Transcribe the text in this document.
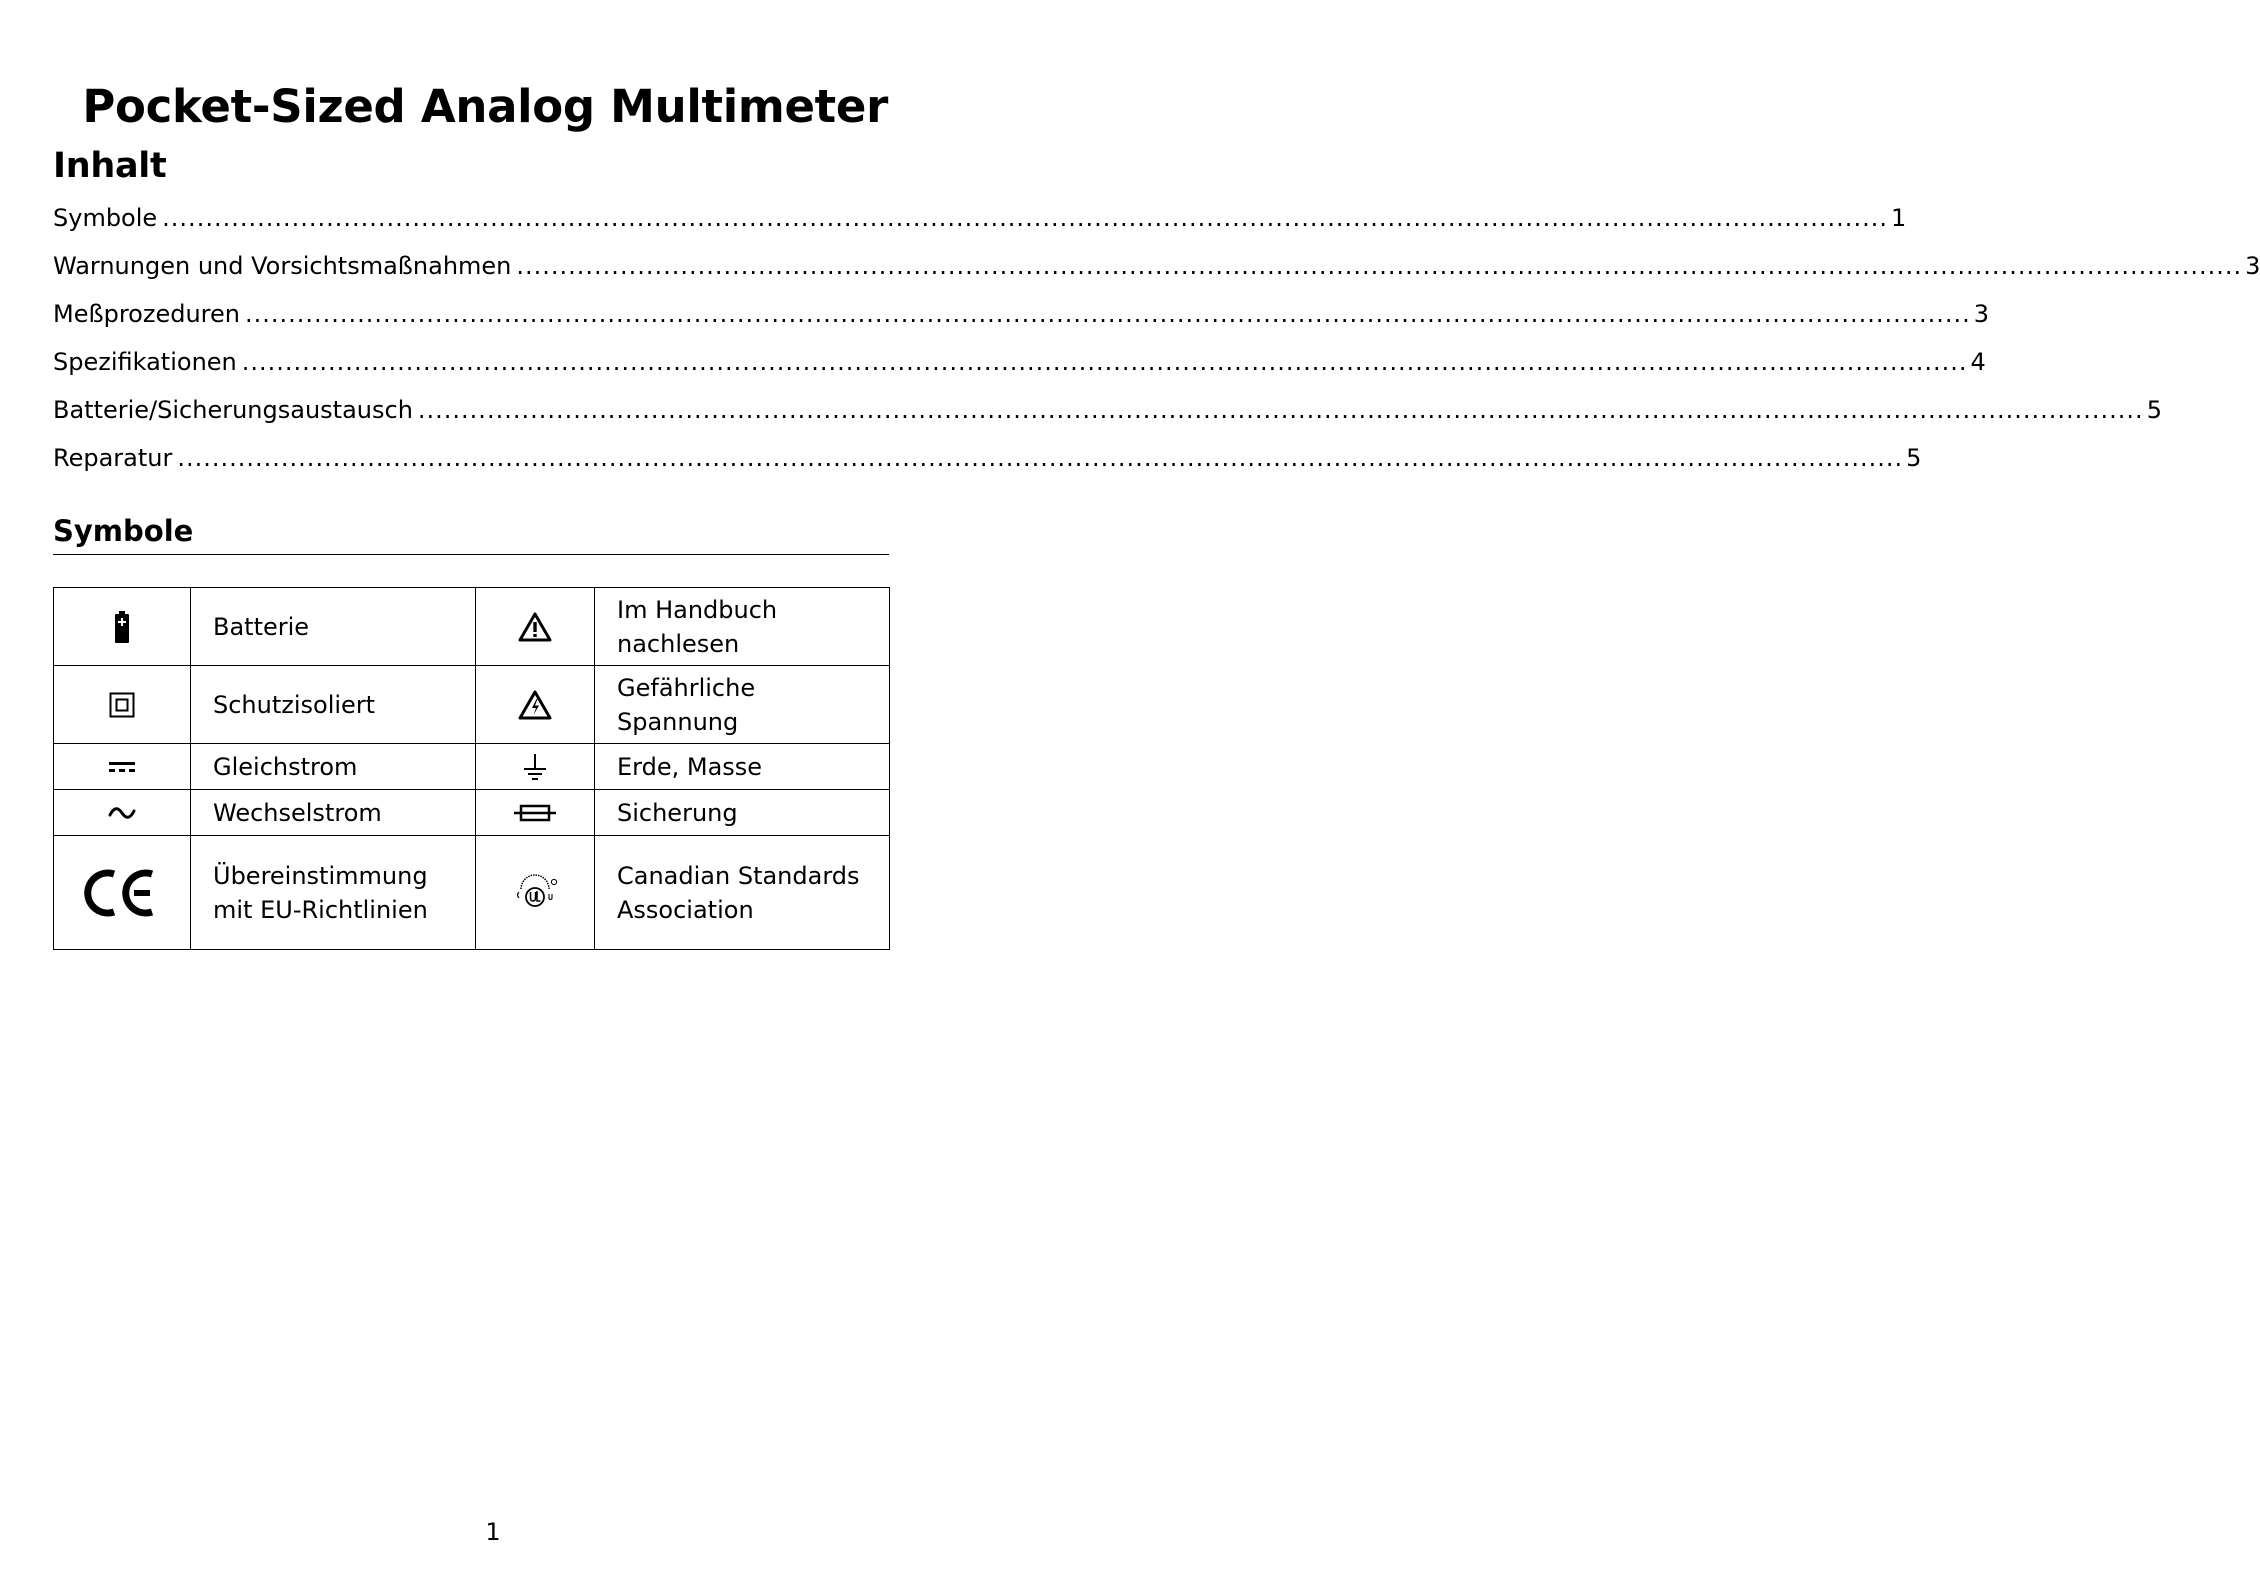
Pocket-Sized Analog Multimeter
Inhalt
Symbole ........................................................................................................................................................................................................ 1
Warnungen und Vorsichtsmaßnahmen ........................................................................................................................................................................................................ 3
Meßprozeduren ........................................................................................................................................................................................................ 3
Spezifikationen ........................................................................................................................................................................................................ 4
Batterie/Sicherungsaustausch ........................................................................................................................................................................................................ 5
Reparatur ........................................................................................................................................................................................................ 5
Symbole
	Batterie		Im Handbuch nachlesen

	Schutzisoliert		Gefährliche Spannung

	Gleichstrom		Erde, Masse

	Wechselstrom		Sicherung

	Übereinstimmung mit EU-Richtlinien		Canadian Standards Association
1
